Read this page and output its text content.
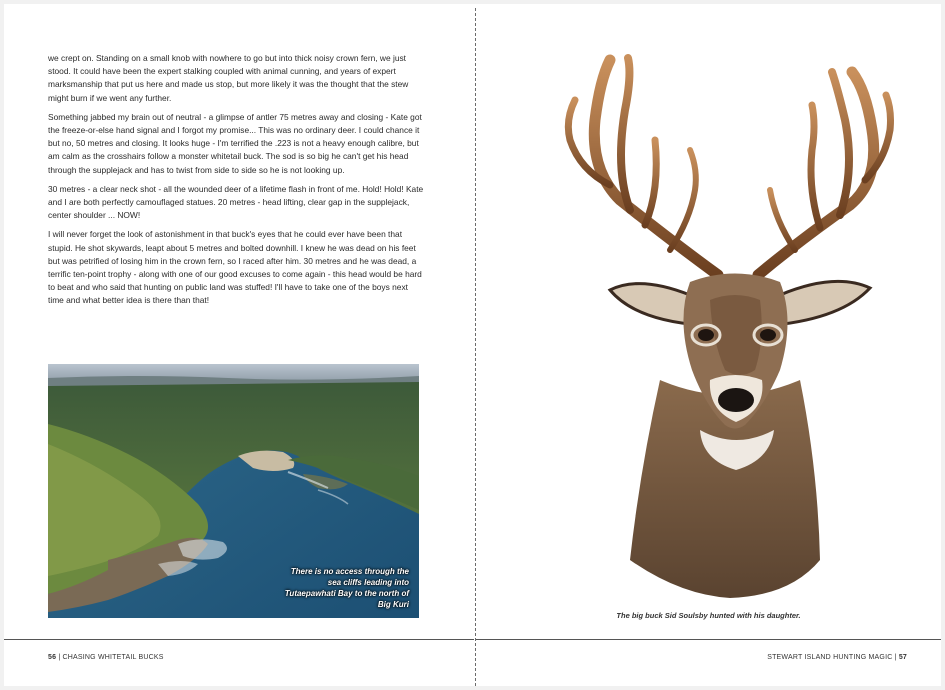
we crept on. Standing on a small knob with nowhere to go but into thick noisy crown fern, we just stood. It could have been the expert stalking coupled with animal cunning, and years of expert marksmanship that put us here and made us stop, but more likely it was the thought that the stew might burn if we went any further.

Something jabbed my brain out of neutral - a glimpse of antler 75 metres away and closing - Kate got the freeze-or-else hand signal and I forgot my promise... This was no ordinary deer. I could chance it but no, 50 metres and closing. It looks huge - I'm terrified the .223 is not a heavy enough calibre, but am calm as the crosshairs follow a monster whitetail buck. The sod is so big he can't get his head through the supplejack and has to twist from side to side so he is not looking up.

30 metres - a clear neck shot - all the wounded deer of a lifetime flash in front of me. Hold! Hold! Kate and I are both perfectly camouflaged statues. 20 metres - head lifting, clear gap in the supplejack, center shoulder ... NOW!

I will never forget the look of astonishment in that buck's eyes that he could ever have been that stupid. He shot skywards, leapt about 5 metres and bolted downhill. I knew he was dead on his feet but was petrified of losing him in the crown fern, so I raced after him. 30 metres and he was dead, a terrific ten-point trophy - along with one of our good excuses to come again - this head would be hard to beat and who said that hunting on public land was stuffed! I'll have to take one of the boys next time and what better idea is there than that!

There is no access through the sea cliffs leading into Tutaepawhati Bay to the north of Big Kuri
56 | CHASING WHITETAIL BUCKS
The big buck Sid Soulsby hunted with his daughter.
STEWART ISLAND HUNTING MAGIC | 57
